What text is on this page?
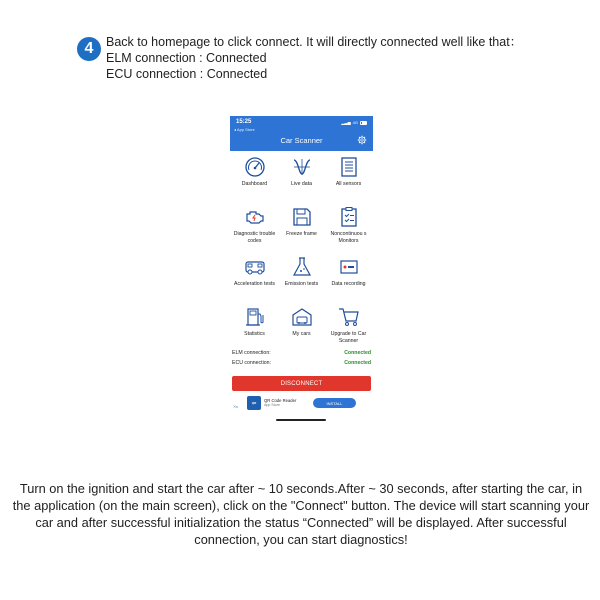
4	Back to homepage to click connect. It will directly connected well like that：
ELM connection : Connected
ECU connection : Connected
15:25
◂ App Store
▂▃▅ 4G
Car Scanner
Dashboard	Live data	All sensors
Diagnostic trouble codes
Freeze frame	Noncontinuou s Monitors
Acceleration tests	Emission tests	Data recording
Statistics	My cars	Upgrade to Car Scanner
ELM connection:	Connected
ECU connection:	Connected
DISCONNECT
✕▸
QR	QR Code Reader
App Store	INSTALL
Turn on the ignition and start the car after ~ 10 seconds.After ~ 30 seconds, after starting the car, in the application (on the main screen), click on the "Connect" button. The device will start scanning your car and after successful initialization the status “Connected” will be displayed. After successful connection, you can start diagnostics!
